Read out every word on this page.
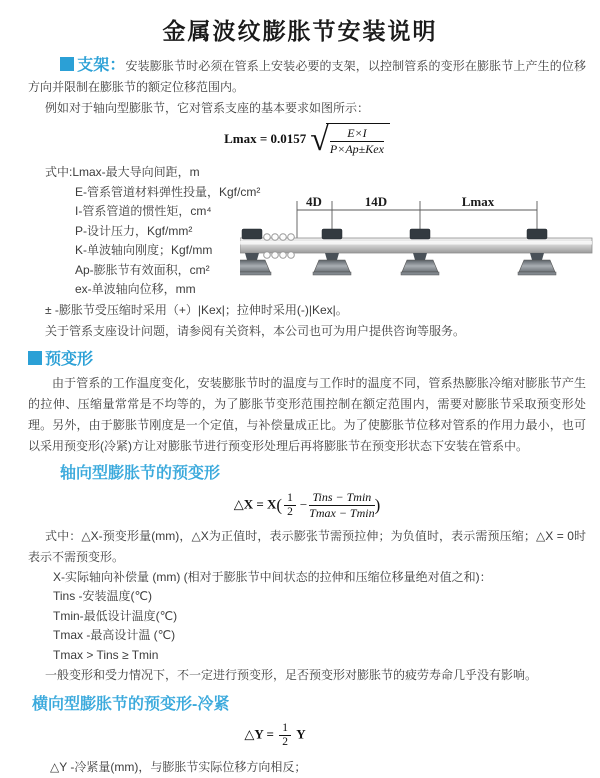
金属波纹膨胀节安装说明

支架：安装膨胀节时必须在管系上安装必要的支架，以控制管系的变形在膨胀节上产生的位移方向并限制在膨胀节的额定位移范围内。

例如对于轴向型膨胀节，它对管系支座的基本要求如图所示：

Lmax = 0.0157 √ $\frac{E\times I}{\text{P×Ap±Kex}}$
式中:Lmax-最大导向间距，m
E-管系管道材料弹性投量，Kgf/cm²
I-管系管道的惯性矩，cm⁴
P-设计压力，Kgf/mm²
K-单波轴向刚度；Kgf/mm
Ap-膨胀节有效面积，cm²
ex-单波轴向位移，mm
4D	14D	Lmax

± -膨胀节受压缩时采用（+）|Kex|；拉伸时采用(-)|Kex|。

关于管系支座设计问题，请参阅有关资料，本公司也可为用户提供咨询等服务。

预变形

由于管系的工作温度变化，安装膨胀节时的温度与工作时的温度不同，管系热膨胀冷缩对膨胀节产生的拉伸、压缩量常常是不均等的，为了膨胀节变形范围控制在额定范围内，需要对膨胀节采取预变形处理。另外，由于膨胀节刚度是一个定值，与补偿量成正比。为了使膨胀节位移对管系的作用力最小，也可以采用预变形(冷紧)方让对膨胀节进行预变形处理后再将膨胀节在预变形状态下安装在管系中。

轴向型膨胀节的预变形
△X = $X( \frac{1}{2} - \frac{\text{Tins − Tmin}}{Tmax - Tmin}$ )

式中：△X-预变形量(mm)，△X为正值时，表示膨张节需预拉伸；为负值时，表示需预压缩；△X = 0时表示不需预变形。

X-实际轴向补偿量 (mm) (相对于膨胀节中间状态的拉伸和压缩位移量绝对值之和)：
Tins -安装温度(℃)
Tmin-最低设计温度(℃)
Tmax -最高设计温 (℃)
Tmax > Tins ≥ Tmin

一般变形和受力情况下，不一定进行预变形，足否预变形对膨胀节的疲劳寿命几乎没有影响。

横向型膨胀节的预变形-冷紧
△Y = $\frac{1}{2}$ Y

△Y -冷紧量(mm)，与膨胀节实际位移方向相反；
